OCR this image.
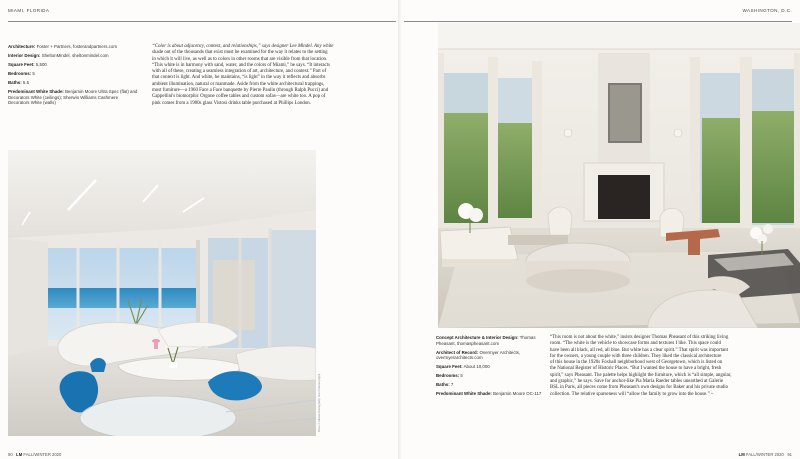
MIAMI, FLORIDA
Architecture: Foster + Partners, fosterandpartners.com
Interior Design: SheltonMindel, sheltonmindel.com
Square Feet: 5,500
Bedrooms: 5
Baths: 5.5
Predominant White Shade: Benjamin Moore Ultra Spec (flat) and Decorators White (ceilings); Sherwin Williams Cashmere Decorators White (walls)
“Color is about adjacency, context, and relationships,” says designer Lee Mindel. Any white
shade out of the thousands that exist must be examined for the way it relates to the setting
in which it will live, as well as to colors in other rooms that are visible from that location.
“This white is in harmony with sand, water, and the colors of Miami,” he says. “It interacts
with all of these, creating a seamless integration of art, architecture, and context.” Part of
that context is light. And white, he maintains, “is light” in the way it reflects and absorbs
ambient illumination, natural or manmade. Aside from the white architectural trappings,
most furniture—a 1960 Face a Face banquette by Pierre Paulin (through Ralph Pucci) and
Cappellini's biomorphic Orgone coffee tables and custom sofas—are white too. A pop of
pink comes from a 1980s glass Vistosi drinks table purchased at Phillips London.
Photo © Nikolas Koenig (left); Scott Frances (right)
90 LM FALL/WINTER 2020
WASHINGTON, D.C.
Concept Architecture & Interior Design: Thomas Pheasant, thomaspheasant.com
Architect of Record: Overmyer Architects, overmyerarchitects.com
Square Feet: About 10,000
Bedrooms: 5
Baths: 7
Predominant White Shade: Benjamin Moore OC-117
“This room is not about the white,” insists designer Thomas Pheasant of this striking living
room. “The white is the vehicle to showcase forms and textures I like. This space could
have been all black, all red, all blue. But white has a clear spirit.” That spirit was important
for the owners, a young couple with three children. They liked the classical architecture
of this house in the 1920s Foxhall neighborhood west of Georgetown, which is listed on
the National Register of Historic Places. “But I wanted the house to have a bright, fresh
spirit,” says Pheasant. The palette helps highlight the furniture, which is “all simple, angular,
and graphic,” he says. Save for anchor-like Pia Maria Raeder tables unearthed at Galerie
BSL in Paris, all pieces come from Pheasant's own designs for Baker and his private studio
collection. The relative sparseness will “allow the family to grow into the house.” ~
LM FALL/WINTER 2020 91
